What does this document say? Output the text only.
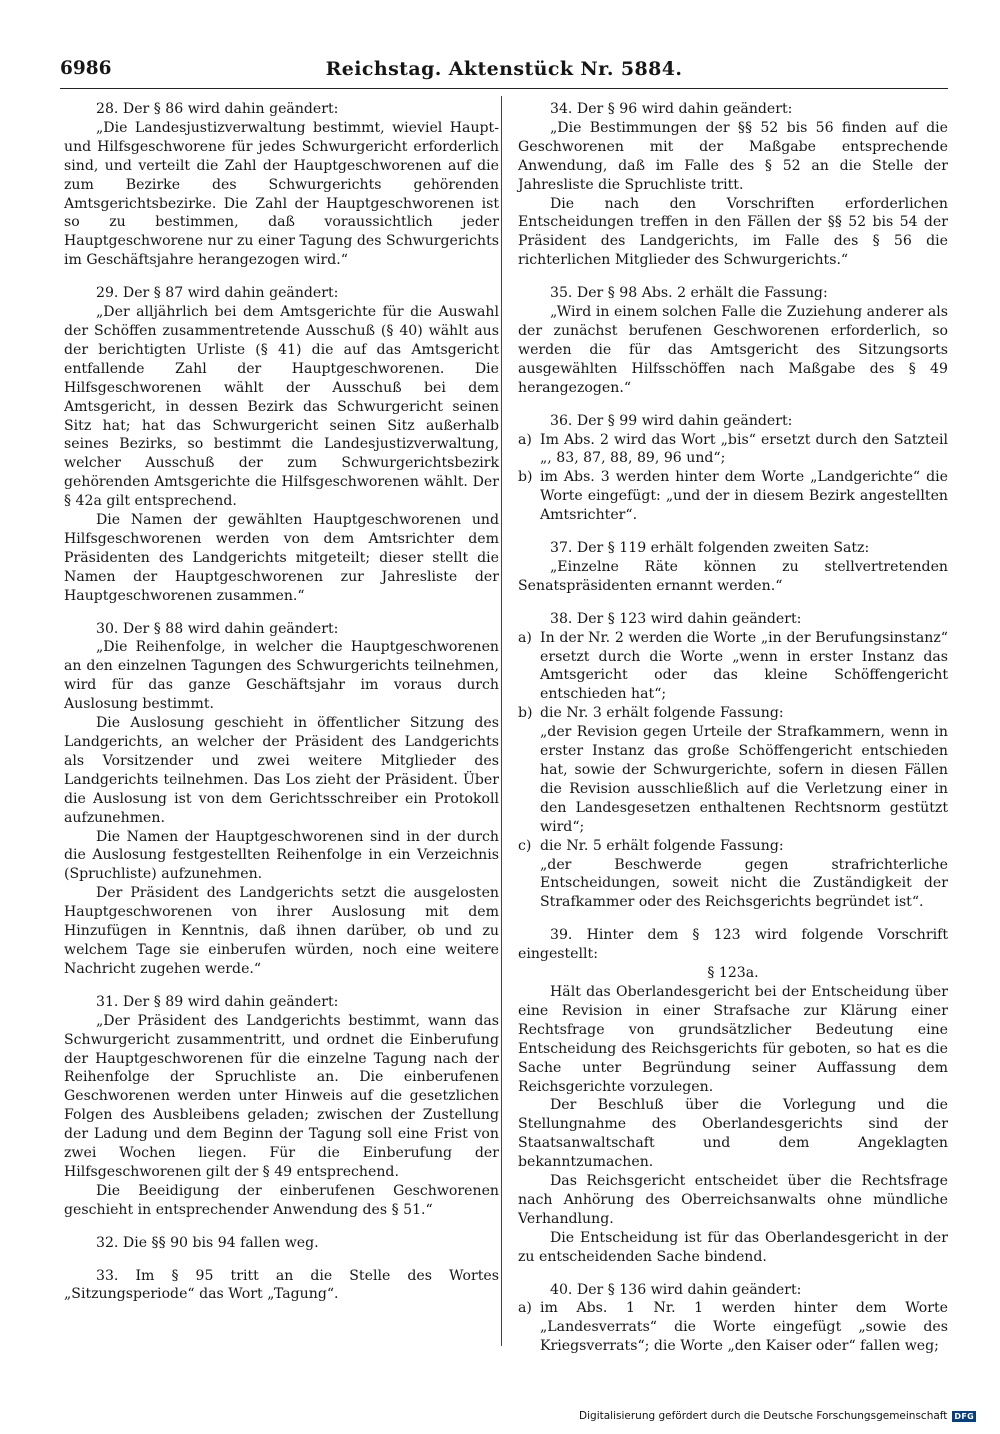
6986	Reichstag. Aktenstück Nr. 5884.

28. Der § 86 wird dahin geändert:

„Die Landesjustizverwaltung bestimmt, wieviel Haupt- und Hilfsgeschworene für jedes Schwurgericht erforderlich sind, und verteilt die Zahl der Hauptgeschworenen auf die zum Bezirke des Schwurgerichts gehörenden Amtsgerichtsbezirke. Die Zahl der Hauptgeschworenen ist so zu bestimmen, daß voraussichtlich jeder Hauptgeschworene nur zu einer Tagung des Schwurgerichts im Geschäftsjahre herangezogen wird.“

29. Der § 87 wird dahin geändert:

„Der alljährlich bei dem Amtsgerichte für die Auswahl der Schöffen zusammentretende Ausschuß (§ 40) wählt aus der berichtigten Urliste (§ 41) die auf das Amtsgericht entfallende Zahl der Hauptgeschworenen. Die Hilfsgeschworenen wählt der Ausschuß bei dem Amtsgericht, in dessen Bezirk das Schwurgericht seinen Sitz hat; hat das Schwurgericht seinen Sitz außerhalb seines Bezirks, so bestimmt die Landesjustizverwaltung, welcher Ausschuß der zum Schwurgerichtsbezirk gehörenden Amtsgerichte die Hilfsgeschworenen wählt. Der § 42a gilt entsprechend.

Die Namen der gewählten Hauptgeschworenen und Hilfsgeschworenen werden von dem Amtsrichter dem Präsidenten des Landgerichts mitgeteilt; dieser stellt die Namen der Hauptgeschworenen zur Jahresliste der Hauptgeschworenen zusammen.“

30. Der § 88 wird dahin geändert:

„Die Reihenfolge, in welcher die Hauptgeschworenen an den einzelnen Tagungen des Schwurgerichts teilnehmen, wird für das ganze Geschäftsjahr im voraus durch Auslosung bestimmt.

Die Auslosung geschieht in öffentlicher Sitzung des Landgerichts, an welcher der Präsident des Landgerichts als Vorsitzender und zwei weitere Mitglieder des Landgerichts teilnehmen. Das Los zieht der Präsident. Über die Auslosung ist von dem Gerichtsschreiber ein Protokoll aufzunehmen.

Die Namen der Hauptgeschworenen sind in der durch die Auslosung festgestellten Reihenfolge in ein Verzeichnis (Spruchliste) aufzunehmen.

Der Präsident des Landgerichts setzt die ausgelosten Hauptgeschworenen von ihrer Auslosung mit dem Hinzufügen in Kenntnis, daß ihnen darüber, ob und zu welchem Tage sie einberufen würden, noch eine weitere Nachricht zugehen werde.“

31. Der § 89 wird dahin geändert:

„Der Präsident des Landgerichts bestimmt, wann das Schwurgericht zusammentritt, und ordnet die Einberufung der Hauptgeschworenen für die einzelne Tagung nach der Reihenfolge der Spruchliste an. Die einberufenen Geschworenen werden unter Hinweis auf die gesetzlichen Folgen des Ausbleibens geladen; zwischen der Zustellung der Ladung und dem Beginn der Tagung soll eine Frist von zwei Wochen liegen. Für die Einberufung der Hilfsgeschworenen gilt der § 49 entsprechend.

Die Beeidigung der einberufenen Geschworenen geschieht in entsprechender Anwendung des § 51.“

32. Die §§ 90 bis 94 fallen weg.

33. Im § 95 tritt an die Stelle des Wortes „Sitzungsperiode“ das Wort „Tagung“.

34. Der § 96 wird dahin geändert:

„Die Bestimmungen der §§ 52 bis 56 finden auf die Geschworenen mit der Maßgabe entsprechende Anwendung, daß im Falle des § 52 an die Stelle der Jahresliste die Spruchliste tritt.

Die nach den Vorschriften erforderlichen Entscheidungen treffen in den Fällen der §§ 52 bis 54 der Präsident des Landgerichts, im Falle des § 56 die richterlichen Mitglieder des Schwurgerichts.“

35. Der § 98 Abs. 2 erhält die Fassung:

„Wird in einem solchen Falle die Zuziehung anderer als der zunächst berufenen Geschworenen erforderlich, so werden die für das Amtsgericht des Sitzungsorts ausgewählten Hilfsschöffen nach Maßgabe des § 49 herangezogen.“

36. Der § 99 wird dahin geändert:

a) Im Abs. 2 wird das Wort „bis“ ersetzt durch den Satzteil „, 83, 87, 88, 89, 96 und“;
b) im Abs. 3 werden hinter dem Worte „Landgerichte“ die Worte eingefügt: „und der in diesem Bezirk angestellten Amtsrichter“.

37. Der § 119 erhält folgenden zweiten Satz:

„Einzelne Räte können zu stellvertretenden Senatspräsidenten ernannt werden.“

38. Der § 123 wird dahin geändert:

a) In der Nr. 2 werden die Worte „in der Berufungsinstanz“ ersetzt durch die Worte „wenn in erster Instanz das Amtsgericht oder das kleine Schöffengericht entschieden hat“;
b) die Nr. 3 erhält folgende Fassung:

„der Revision gegen Urteile der Strafkammern, wenn in erster Instanz das große Schöffengericht entschieden hat, sowie der Schwurgerichte, sofern in diesen Fällen die Revision ausschließlich auf die Verletzung einer in den Landesgesetzen enthaltenen Rechtsnorm gestützt wird“;

c) die Nr. 5 erhält folgende Fassung:

„der Beschwerde gegen strafrichterliche Entscheidungen, soweit nicht die Zuständigkeit der Strafkammer oder des Reichsgerichts begründet ist“.

39. Hinter dem § 123 wird folgende Vorschrift eingestellt:

§ 123a.

Hält das Oberlandesgericht bei der Entscheidung über eine Revision in einer Strafsache zur Klärung einer Rechtsfrage von grundsätzlicher Bedeutung eine Entscheidung des Reichsgerichts für geboten, so hat es die Sache unter Begründung seiner Auffassung dem Reichsgerichte vorzulegen.

Der Beschluß über die Vorlegung und die Stellungnahme des Oberlandesgerichts sind der Staatsanwaltschaft und dem Angeklagten bekanntzumachen.

Das Reichsgericht entscheidet über die Rechtsfrage nach Anhörung des Oberreichsanwalts ohne mündliche Verhandlung.

Die Entscheidung ist für das Oberlandesgericht in der zu entscheidenden Sache bindend.

40. Der § 136 wird dahin geändert:

a) im Abs. 1 Nr. 1 werden hinter dem Worte „Landesverrats“ die Worte eingefügt „sowie des Kriegsverrats“; die Worte „den Kaiser oder“ fallen weg;
Digitalisierung gefördert durch die Deutsche Forschungsgemeinschaft DFG
